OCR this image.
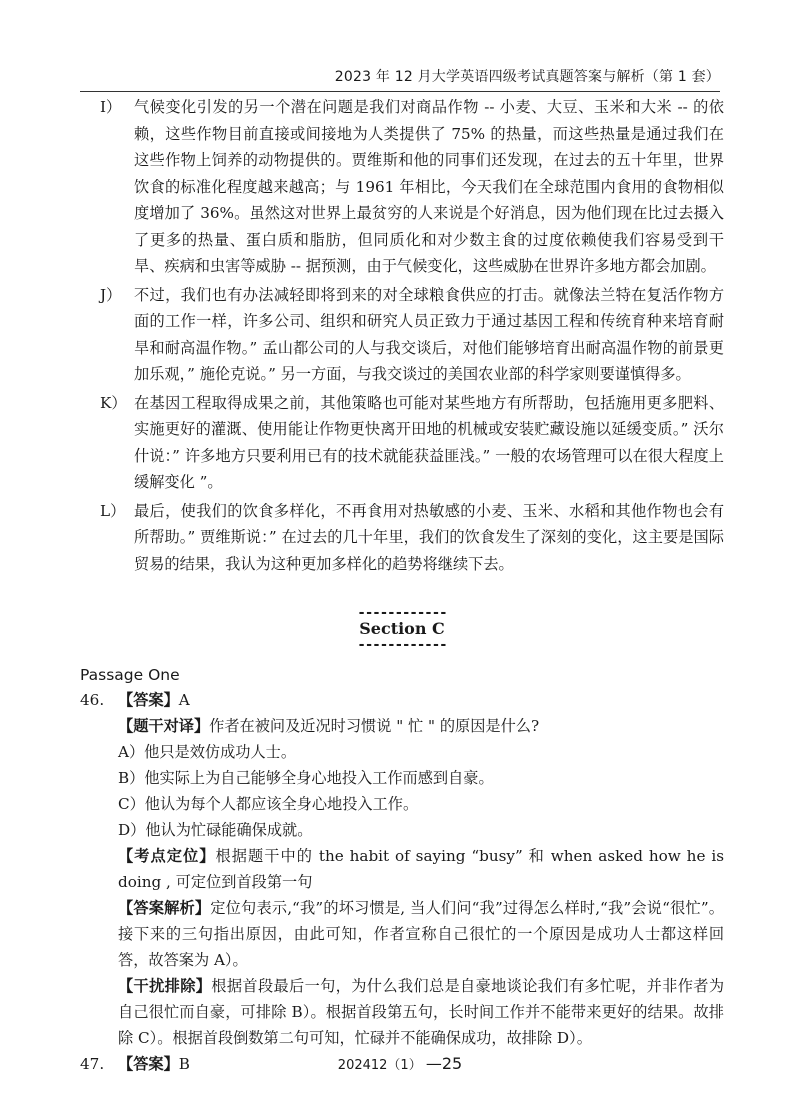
2023 年 12 月大学英语四级考试真题答案与解析（第 1 套）
I） 气候变化引发的另一个潜在问题是我们对商品作物 -- 小麦、大豆、玉米和大米 -- 的依赖，这些作物目前直接或间接地为人类提供了 75% 的热量，而这些热量是通过我们在这些作物上饲养的动物提供的。贾维斯和他的同事们还发现，在过去的五十年里，世界饮食的标准化程度越来越高；与 1961 年相比，今天我们在全球范围内食用的食物相似度增加了 36%。虽然这对世界上最贫穷的人来说是个好消息，因为他们现在比过去摄入了更多的热量、蛋白质和脂肪，但同质化和对少数主食的过度依赖使我们容易受到干旱、疾病和虫害等威胁 -- 据预测，由于气候变化，这些威胁在世界许多地方都会加剧。
J） 不过，我们也有办法减轻即将到来的对全球粮食供应的打击。就像法兰特在复活作物方面的工作一样，许多公司、组织和研究人员正致力于通过基因工程和传统育种来培育耐旱和耐高温作物。” 孟山都公司的人与我交谈后，对他们能够培育出耐高温作物的前景更加乐观，” 施伦克说。” 另一方面，与我交谈过的美国农业部的科学家则要谨慎得多。
K） 在基因工程取得成果之前，其他策略也可能对某些地方有所帮助，包括施用更多肥料、实施更好的灌溉、使用能让作物更快离开田地的机械或安装贮藏设施以延缓变质。” 沃尔什说：” 许多地方只要利用已有的技术就能获益匪浅。” 一般的农场管理可以在很大程度上缓解变化 ”。
L） 最后，使我们的饮食多样化，不再食用对热敏感的小麦、玉米、水稻和其他作物也会有所帮助。” 贾维斯说：” 在过去的几十年里，我们的饮食发生了深刻的变化，这主要是国际贸易的结果，我认为这种更加多样化的趋势将继续下去。
------------
Section C
------------
Passage One
46. 【答案】A
【题干对译】作者在被问及近况时习惯说 " 忙 " 的原因是什么?
A）他只是效仿成功人士。
B）他实际上为自己能够全身心地投入工作而感到自豪。
C）他认为每个人都应该全身心地投入工作。
D）他认为忙碌能确保成就。
【考点定位】根据题干中的 the habit of saying “busy” 和 when asked how he is doing , 可定位到首段第一句
【答案解析】定位句表示,“我”的坏习惯是, 当人们问“我”过得怎么样时,“我”会说“很忙”。接下来的三句指出原因，由此可知，作者宣称自己很忙的一个原因是成功人士都这样回答，故答案为 A）。
【干扰排除】根据首段最后一句，为什么我们总是自豪地谈论我们有多忙呢，并非作者为自己很忙而自豪，可排除 B）。根据首段第五句，长时间工作并不能带来更好的结果。故排除 C）。根据首段倒数第二句可知，忙碌并不能确保成功，故排除 D）。
47. 【答案】B	202412（1） —25
